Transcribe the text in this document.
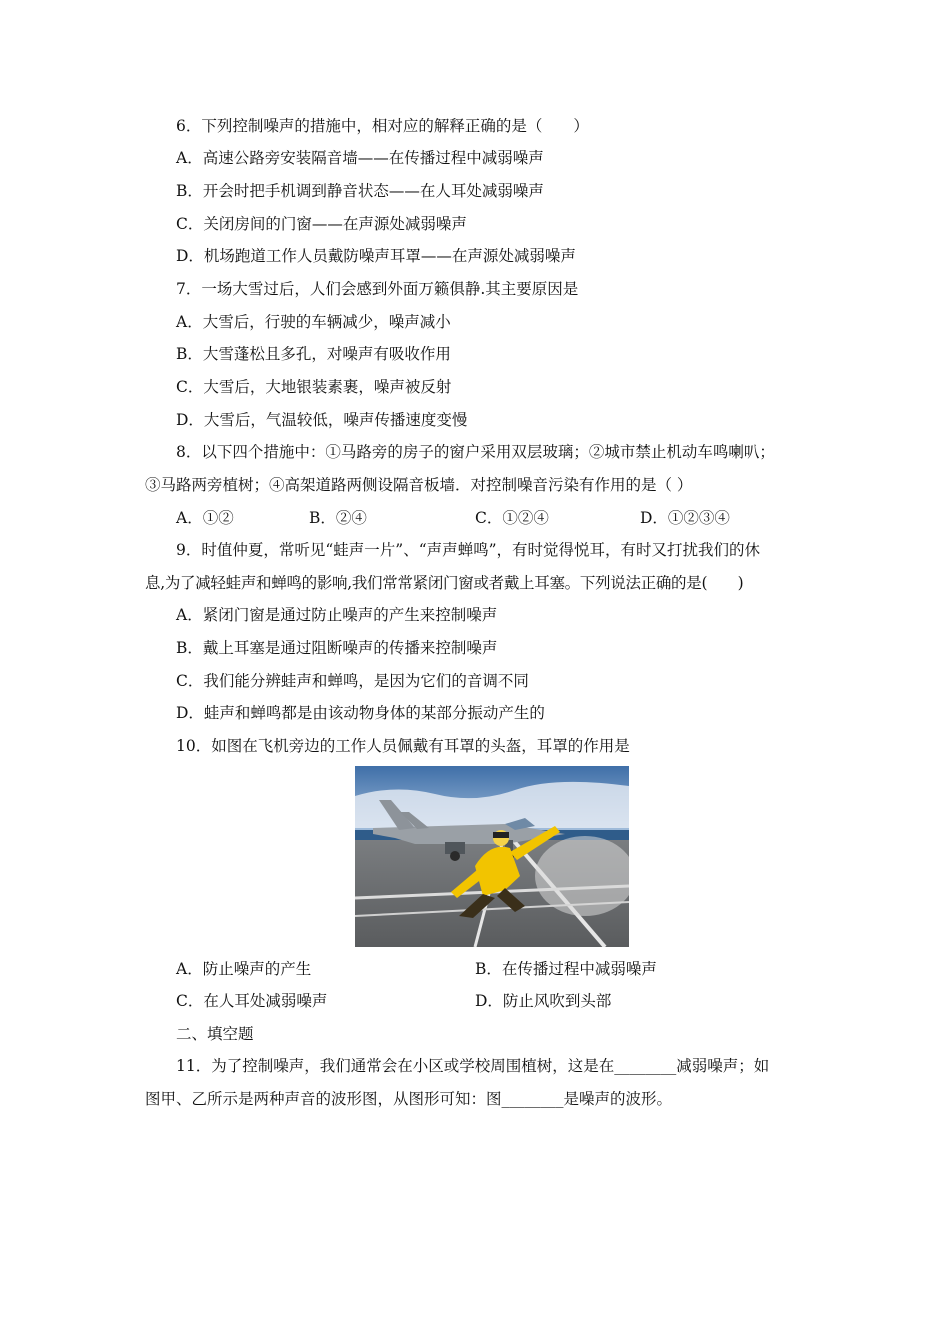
6．下列控制噪声的措施中，相对应的解释正确的是（　　）
A．高速公路旁安装隔音墙——在传播过程中减弱噪声
B．开会时把手机调到静音状态——在人耳处减弱噪声
C．关闭房间的门窗——在声源处减弱噪声
D．机场跑道工作人员戴防噪声耳罩——在声源处减弱噪声
7．一场大雪过后，人们会感到外面万籁俱静.其主要原因是
A．大雪后，行驶的车辆减少，噪声减小
B．大雪蓬松且多孔，对噪声有吸收作用
C．大雪后，大地银装素裹，噪声被反射
D．大雪后，气温较低，噪声传播速度变慢
8．以下四个措施中：①马路旁的房子的窗户采用双层玻璃；②城市禁止机动车鸣喇叭；
③马路两旁植树；④高架道路两侧设隔音板墙．对控制噪音污染有作用的是（ ）
A．①②	B．②④	C．①②④	D．①②③④
9．时值仲夏，常听见“蛙声一片”、“声声蝉鸣”，有时觉得悦耳，有时又打扰我们的休
息,为了减轻蛙声和蝉鸣的影响,我们常常紧闭门窗或者戴上耳塞。下列说法正确的是(　　)
A．紧闭门窗是通过防止噪声的产生来控制噪声
B．戴上耳塞是通过阻断噪声的传播来控制噪声
C．我们能分辨蛙声和蝉鸣，是因为它们的音调不同
D．蛙声和蝉鸣都是由该动物身体的某部分振动产生的
10．如图在飞机旁边的工作人员佩戴有耳罩的头盔，耳罩的作用是
A．防止噪声的产生	B．在传播过程中减弱噪声
C．在人耳处减弱噪声	D．防止风吹到头部
二、填空题
11．为了控制噪声，我们通常会在小区或学校周围植树，这是在________减弱噪声；如
图甲、乙所示是两种声音的波形图，从图形可知：图________是噪声的波形。
